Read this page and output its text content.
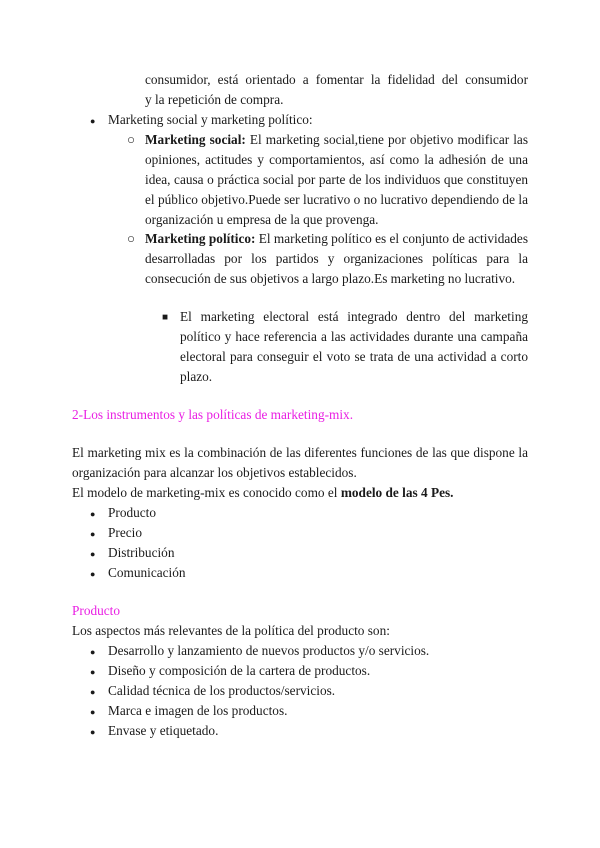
consumidor, está orientado a fomentar la fidelidad del consumidor
y la repetición de compra.
● Marketing social y marketing político:
○ Marketing social: El marketing social,tiene por objetivo modificar las opiniones, actitudes y comportamientos, así como la adhesión de una idea, causa o práctica social por parte de los individuos que constituyen el público objetivo.Puede ser lucrativo o no lucrativo dependiendo de la organización u empresa de la que provenga.
○ Marketing político: El marketing político es el conjunto de actividades desarrolladas por los partidos y organizaciones políticas para la consecución de sus objetivos a largo plazo.Es marketing no lucrativo.
■ El marketing electoral está integrado dentro del marketing político y hace referencia a las actividades durante una campaña electoral para conseguir el voto se trata de una actividad a corto plazo.
2-Los instrumentos y las políticas de marketing-mix.
El marketing mix es la combinación de las diferentes funciones de las que dispone la organización para alcanzar los objetivos establecidos.
El modelo de marketing-mix es conocido como el modelo de las 4 Pes.
● Producto
● Precio
● Distribución
● Comunicación
Producto
Los aspectos más relevantes de la política del producto son:
● Desarrollo y lanzamiento de nuevos productos y/o servicios.
● Diseño y composición de la cartera de productos.
● Calidad técnica de los productos/servicios.
● Marca e imagen de los productos.
● Envase y etiquetado.
